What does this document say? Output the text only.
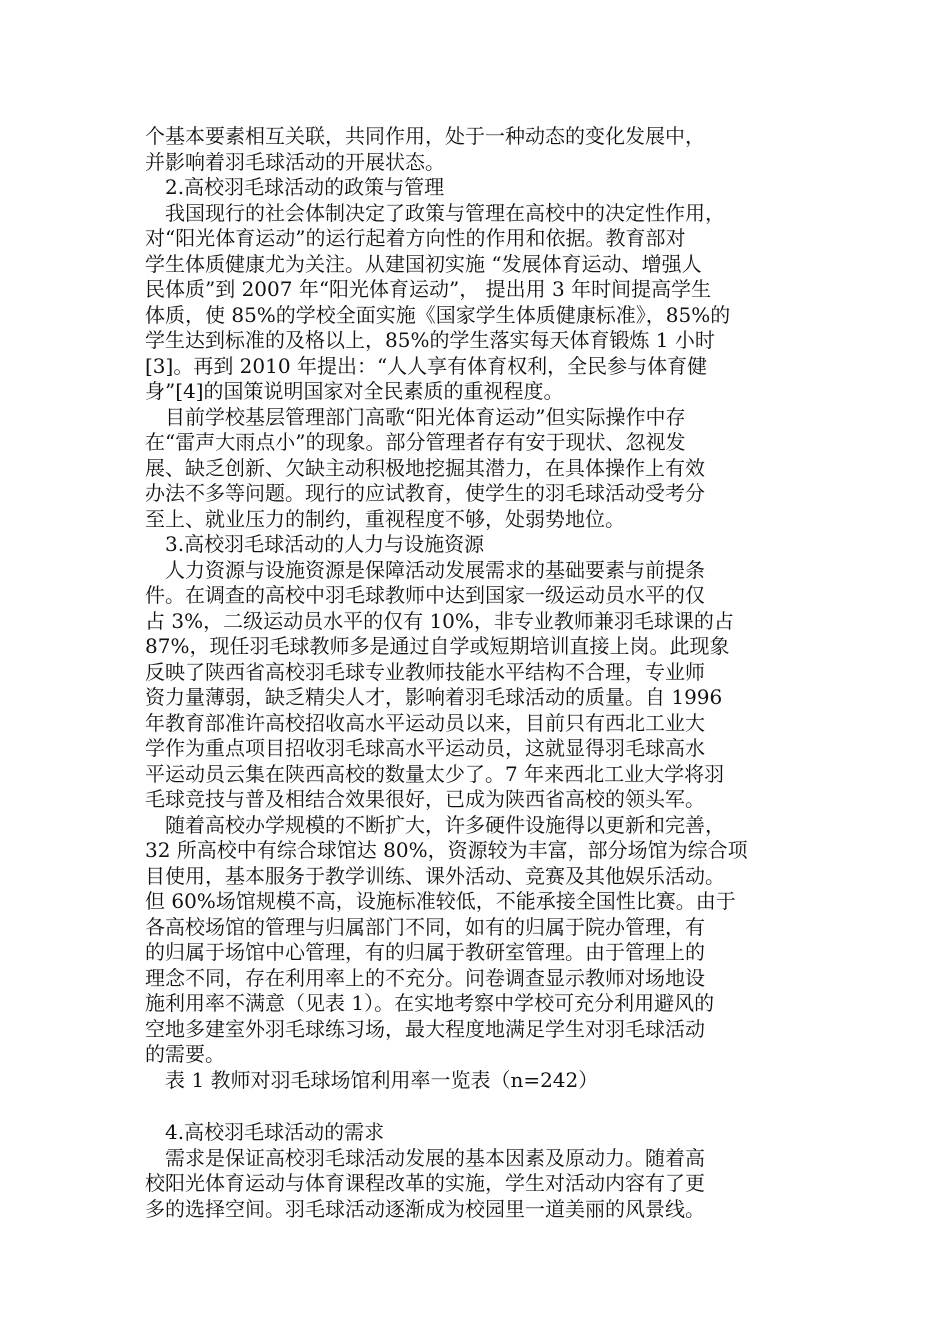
个基本要素相互关联，共同作用，处于一种动态的变化发展中，
并影响着羽毛球活动的开展状态。
2.高校羽毛球活动的政策与管理
我国现行的社会体制决定了政策与管理在高校中的决定性作用，
对“阳光体育运动”的运行起着方向性的作用和依据。教育部对
学生体质健康尤为关注。从建国初实施 “发展体育运动、增强人
民体质”到 2007 年“阳光体育运动”， 提出用 3 年时间提高学生
体质，使 85%的学校全面实施《国家学生体质健康标准》，85%的
学生达到标准的及格以上，85%的学生落实每天体育锻炼 1 小时
[3]。再到 2010 年提出：“人人享有体育权利，全民参与体育健
身”[4]的国策说明国家对全民素质的重视程度。
目前学校基层管理部门高歌“阳光体育运动”但实际操作中存
在“雷声大雨点小”的现象。部分管理者存有安于现状、忽视发
展、缺乏创新、欠缺主动积极地挖掘其潜力，在具体操作上有效
办法不多等问题。现行的应试教育，使学生的羽毛球活动受考分
至上、就业压力的制约，重视程度不够，处弱势地位。
3.高校羽毛球活动的人力与设施资源
人力资源与设施资源是保障活动发展需求的基础要素与前提条
件。在调查的高校中羽毛球教师中达到国家一级运动员水平的仅
占 3%，二级运动员水平的仅有 10%，非专业教师兼羽毛球课的占
87%，现任羽毛球教师多是通过自学或短期培训直接上岗。此现象
反映了陕西省高校羽毛球专业教师技能水平结构不合理，专业师
资力量薄弱，缺乏精尖人才，影响着羽毛球活动的质量。自 1996
年教育部准许高校招收高水平运动员以来，目前只有西北工业大
学作为重点项目招收羽毛球高水平运动员，这就显得羽毛球高水
平运动员云集在陕西高校的数量太少了。7 年来西北工业大学将羽
毛球竞技与普及相结合效果很好，已成为陕西省高校的领头军。
随着高校办学规模的不断扩大，许多硬件设施得以更新和完善，
32 所高校中有综合球馆达 80%，资源较为丰富，部分场馆为综合项
目使用，基本服务于教学训练、课外活动、竞赛及其他娱乐活动。
但 60%场馆规模不高，设施标准较低，不能承接全国性比赛。由于
各高校场馆的管理与归属部门不同，如有的归属于院办管理，有
的归属于场馆中心管理，有的归属于教研室管理。由于管理上的
理念不同，存在利用率上的不充分。问卷调查显示教师对场地设
施利用率不满意（见表 1）。在实地考察中学校可充分利用避风的
空地多建室外羽毛球练习场，最大程度地满足学生对羽毛球活动
的需要。
表 1 教师对羽毛球场馆利用率一览表（n=242）
4.高校羽毛球活动的需求
需求是保证高校羽毛球活动发展的基本因素及原动力。随着高
校阳光体育运动与体育课程改革的实施，学生对活动内容有了更
多的选择空间。羽毛球活动逐渐成为校园里一道美丽的风景线。
